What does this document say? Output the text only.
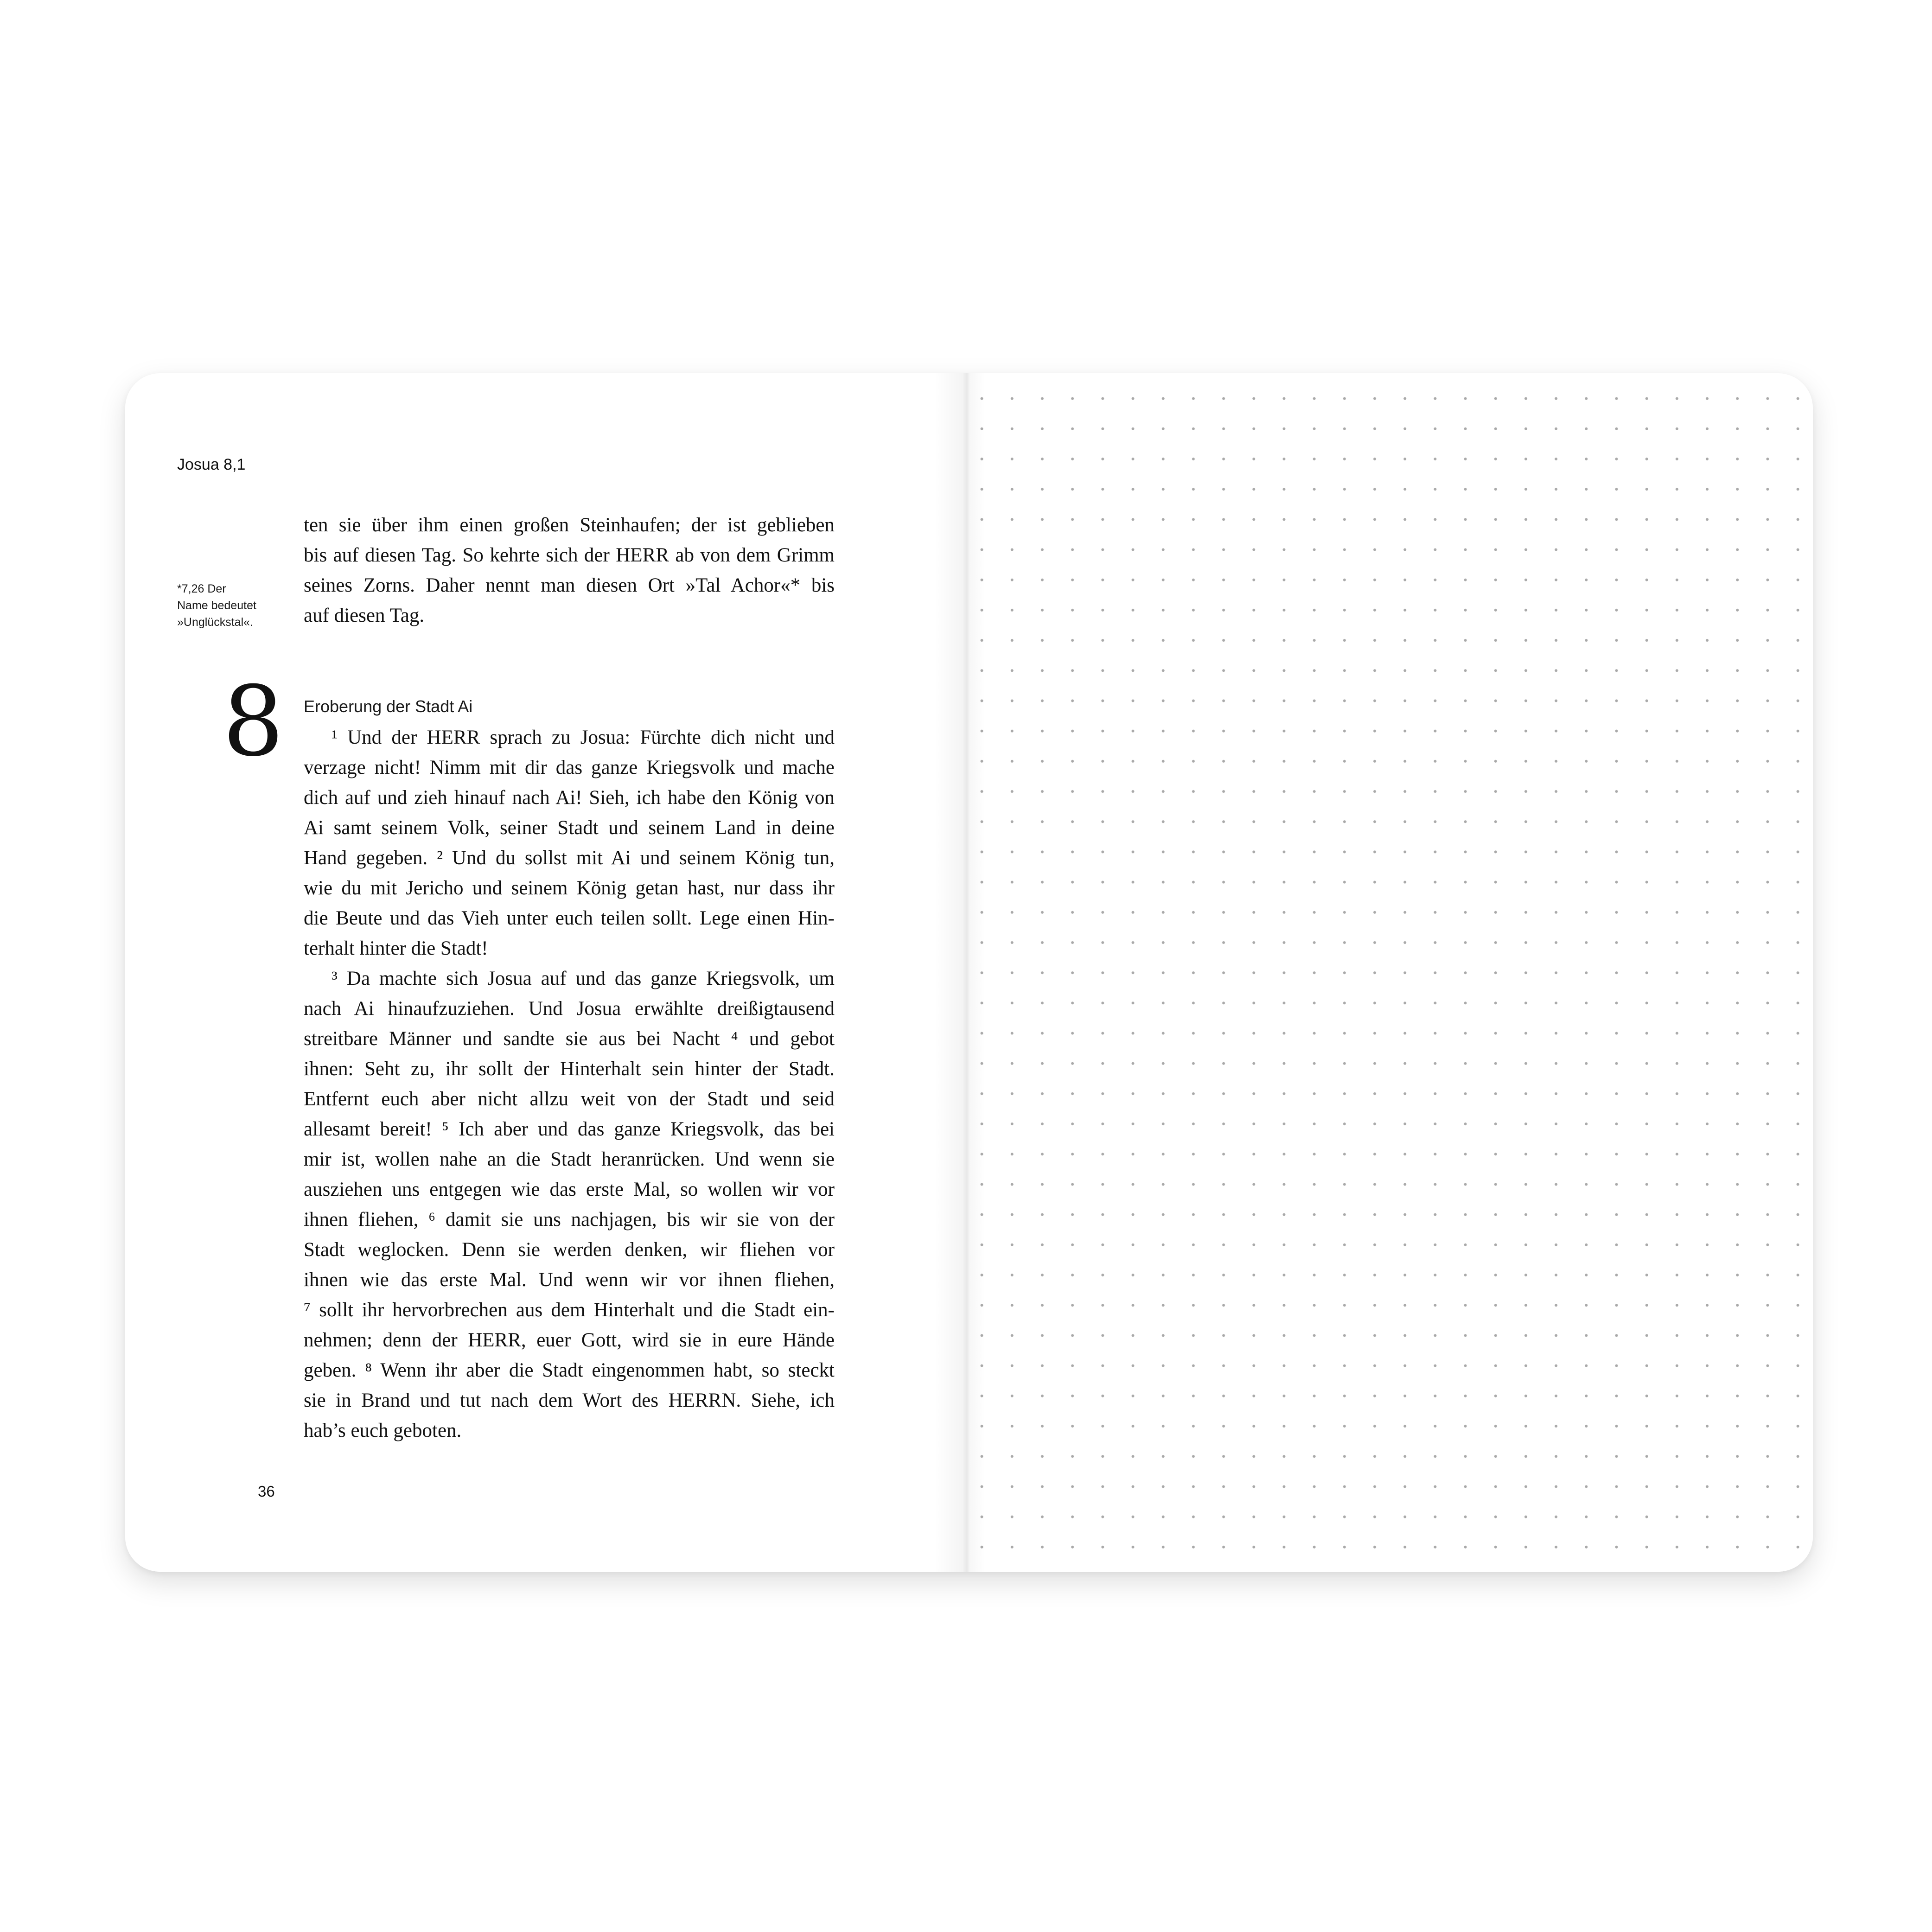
Josua 8,1
*7,26 Der
Name bedeutet
»Unglückstal«.
ten sie über ihm einen großen Steinhaufen; der ist geblieben
bis auf diesen Tag. So kehrte sich der HERR ab von dem Grimm
seines Zorns. Daher nennt man diesen Ort »Tal Achor«* bis
auf diesen Tag.
8 Eroberung der Stadt Ai
¹ Und der HERR sprach zu Josua: Fürchte dich nicht und
verzage nicht! Nimm mit dir das ganze Kriegsvolk und mache
dich auf und zieh hinauf nach Ai! Sieh, ich habe den König von
Ai samt seinem Volk, seiner Stadt und seinem Land in deine
Hand gegeben. ² Und du sollst mit Ai und seinem König tun,
wie du mit Jericho und seinem König getan hast, nur dass ihr
die Beute und das Vieh unter euch teilen sollt. Lege einen Hin-
terhalt hinter die Stadt!
³ Da machte sich Josua auf und das ganze Kriegsvolk, um
nach Ai hinaufzuziehen. Und Josua erwählte dreißigtausend
streitbare Männer und sandte sie aus bei Nacht ⁴ und gebot
ihnen: Seht zu, ihr sollt der Hinterhalt sein hinter der Stadt.
Entfernt euch aber nicht allzu weit von der Stadt und seid
allesamt bereit! ⁵ Ich aber und das ganze Kriegsvolk, das bei
mir ist, wollen nahe an die Stadt heranrücken. Und wenn sie
ausziehen uns entgegen wie das erste Mal, so wollen wir vor
ihnen fliehen, ⁶ damit sie uns nachjagen, bis wir sie von der
Stadt weglocken. Denn sie werden denken, wir fliehen vor
ihnen wie das erste Mal. Und wenn wir vor ihnen fliehen,
⁷ sollt ihr hervorbrechen aus dem Hinterhalt und die Stadt ein-
nehmen; denn der HERR, euer Gott, wird sie in eure Hände
geben. ⁸ Wenn ihr aber die Stadt eingenommen habt, so steckt
sie in Brand und tut nach dem Wort des HERRN. Siehe, ich
hab’s euch geboten.
36
